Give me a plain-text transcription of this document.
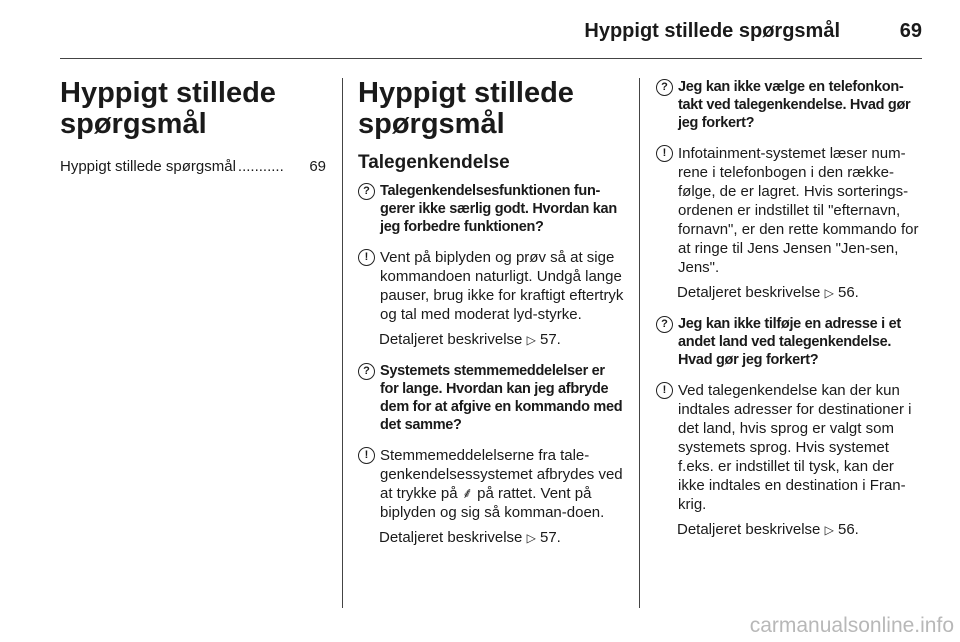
Hyppigt stillede spørgsmål	69
Hyppigt stillede spørgsmål
Hyppigt stillede spørgsmål ...........	69
Hyppigt stillede spørgsmål
Talegenkendelse
? Talegenkendelsesfunktionen fun-gerer ikke særlig godt. Hvordan kan jeg forbedre funktionen?
! Vent på biplyden og prøv så at sige kommandoen naturligt. Undgå lange pauser, brug ikke for kraftigt eftertryk og tal med moderat lyd-styrke.
Detaljeret beskrivelse ▷ 57.
? Systemets stemmemeddelelser er for lange. Hvordan kan jeg afbryde dem for at afgive en kommando med det samme?
! Stemmemeddelelserne fra tale-genkendelsessystemet afbrydes ved at trykke på ⸙ på rattet. Vent på biplyden og sig så komman-doen.
Detaljeret beskrivelse ▷ 57.
? Jeg kan ikke vælge en telefonkon-takt ved talegenkendelse. Hvad gør jeg forkert?
! Infotainment-systemet læser num-rene i telefonbogen i den række-følge, de er lagret. Hvis sorterings-ordenen er indstillet til "efternavn, fornavn", er den rette kommando for at ringe til Jens Jensen "Jen-sen, Jens".
Detaljeret beskrivelse ▷ 56.
? Jeg kan ikke tilføje en adresse i et andet land ved talegenkendelse. Hvad gør jeg forkert?
! Ved talegenkendelse kan der kun indtales adresser for destinationer i det land, hvis sprog er valgt som systemets sprog. Hvis systemet f.eks. er indstillet til tysk, kan der ikke indtales en destination i Fran-krig.
Detaljeret beskrivelse ▷ 56.
carmanualsonline.info
